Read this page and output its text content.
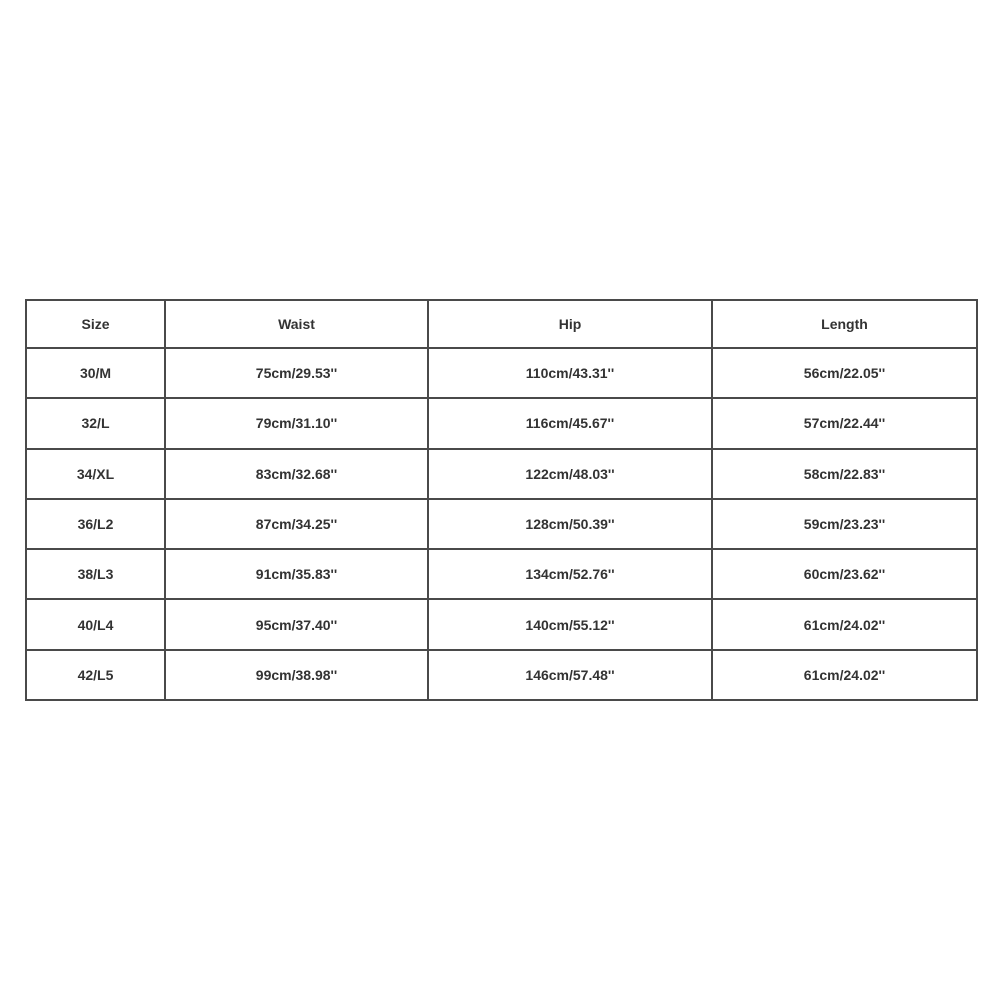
Size	Waist	Hip	Length
30/M	75cm/29.53''	110cm/43.31''	56cm/22.05''
32/L	79cm/31.10''	116cm/45.67''	57cm/22.44''
34/XL	83cm/32.68''	122cm/48.03''	58cm/22.83''
36/L2	87cm/34.25''	128cm/50.39''	59cm/23.23''
38/L3	91cm/35.83''	134cm/52.76''	60cm/23.62''
40/L4	95cm/37.40''	140cm/55.12''	61cm/24.02''
42/L5	99cm/38.98''	146cm/57.48''	61cm/24.02''
